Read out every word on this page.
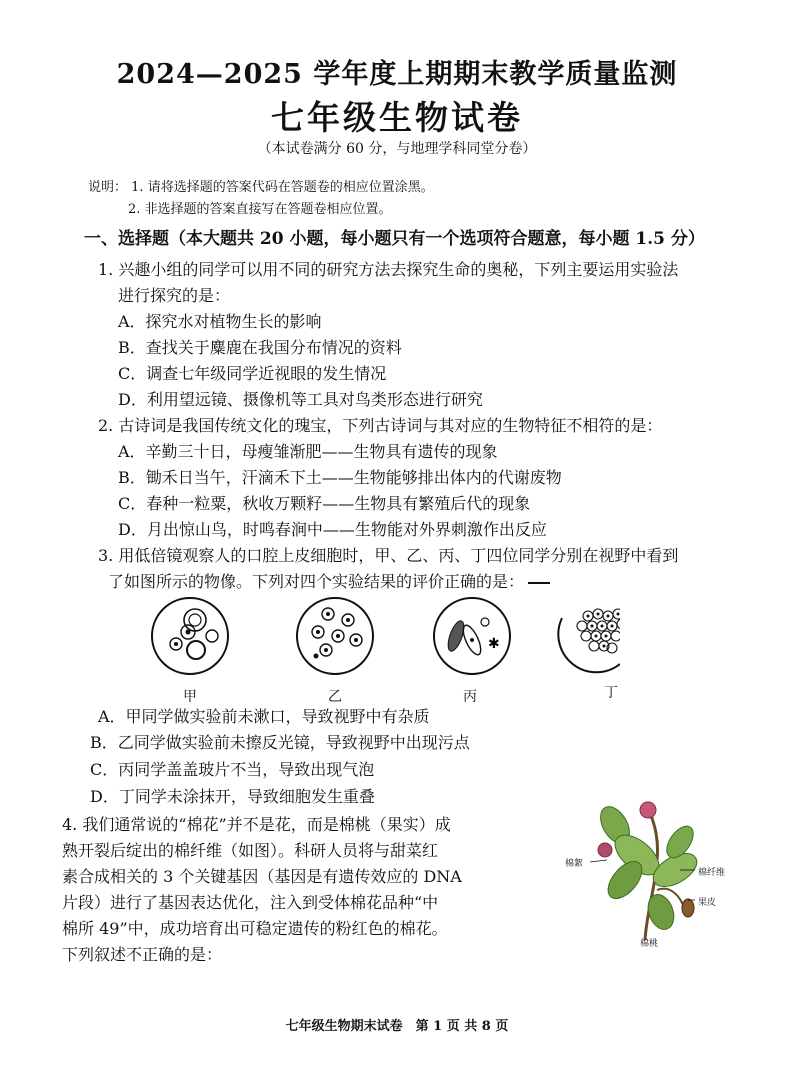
2024—2025 学年度上期期末教学质量监测
七年级生物试卷
（本试卷满分 60 分，与地理学科同堂分卷）
说明： 1. 请将选择题的答案代码在答题卷的相应位置涂黑。
2. 非选择题的答案直接写在答题卷相应位置。
一、选择题（本大题共 20 小题，每小题只有一个选项符合题意，每小题 1.5 分）
1. 兴趣小组的同学可以用不同的研究方法去探究生命的奥秘，下列主要运用实验法
进行探究的是：
A．探究水对植物生长的影响
B．查找关于麋鹿在我国分布情况的资料
C．调查七年级同学近视眼的发生情况
D．利用望远镜、摄像机等工具对鸟类形态进行研究
2. 古诗词是我国传统文化的瑰宝，下列古诗词与其对应的生物特征不相符的是：
A．辛勤三十日，母瘦雏渐肥——生物具有遗传的现象
B．锄禾日当午，汗滴禾下土——生物能够排出体内的代谢废物
C．春种一粒粟，秋收万颗籽——生物具有繁殖后代的现象
D．月出惊山鸟，时鸣春涧中——生物能对外界刺激作出反应
3. 用低倍镜观察人的口腔上皮细胞时，甲、乙、丙、丁四位同学分别在视野中看到
了如图所示的物像。下列对四个实验结果的评价正确的是：
✱
甲	乙	丙	丁
A．甲同学做实验前未漱口，导致视野中有杂质
B．乙同学做实验前未擦反光镜，导致视野中出现污点
C．丙同学盖盖玻片不当，导致出现气泡
D．丁同学未涂抹开，导致细胞发生重叠
4. 我们通常说的“棉花”并不是花，而是棉桃（果实）成
熟开裂后绽出的棉纤维（如图）。科研人员将与甜菜红
素合成相关的 3 个关键基因（基因是有遗传效应的 DNA
片段）进行了基因表达优化，注入到受体棉花品种“中
棉所 49”中，成功培育出可稳定遗传的粉红色的棉花。
下列叙述不正确的是：
棉絮
棉纤维
果皮
棉桃
七年级生物期末试卷　第 1 页 共 8 页
